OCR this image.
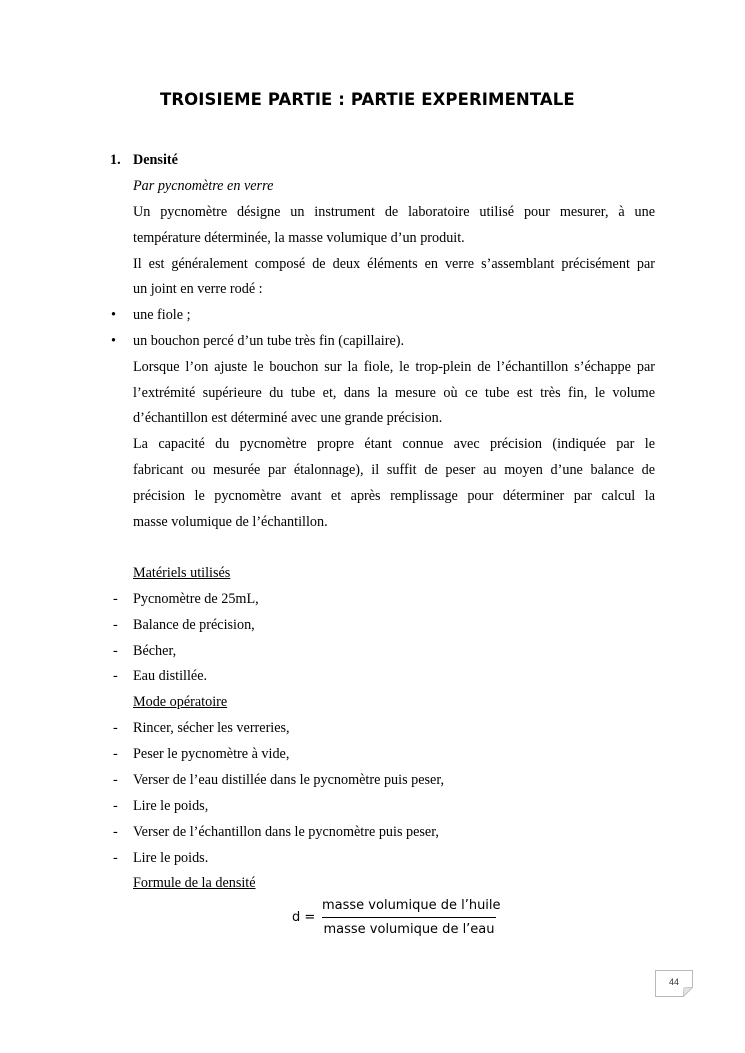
TROISIEME PARTIE : PARTIE EXPERIMENTALE
1. Densité
Par pycnomètre en verre
Un pycnomètre désigne un instrument de laboratoire utilisé pour mesurer, à une
température déterminée, la masse volumique d’un produit.
Il est généralement composé de deux éléments en verre s’assemblant précisément par
un joint en verre rodé :
• une fiole ;
• un bouchon percé d’un tube très fin (capillaire).
Lorsque l’on ajuste le bouchon sur la fiole, le trop-plein de l’échantillon s’échappe par
l’extrémité supérieure du tube et, dans la mesure où ce tube est très fin, le volume
d’échantillon est déterminé avec une grande précision.
La capacité du pycnomètre propre étant connue avec précision (indiquée par le
fabricant ou mesurée par étalonnage), il suffit de peser au moyen d’une balance de
précision le pycnomètre avant et après remplissage pour déterminer par calcul la
masse volumique de l’échantillon.
Matériels utilisés
- Pycnomètre de 25mL,
- Balance de précision,
- Bécher,
- Eau distillée.
Mode opératoire
- Rincer, sécher les verreries,
- Peser le pycnomètre à vide,
- Verser de l’eau distillée dans le pycnomètre puis peser,
- Lire le poids,
- Verser de l’échantillon dans le pycnomètre puis peser,
- Lire le poids.
Formule de la densité
d =
masse volumique de l’huile
masse volumique de l’eau
44
